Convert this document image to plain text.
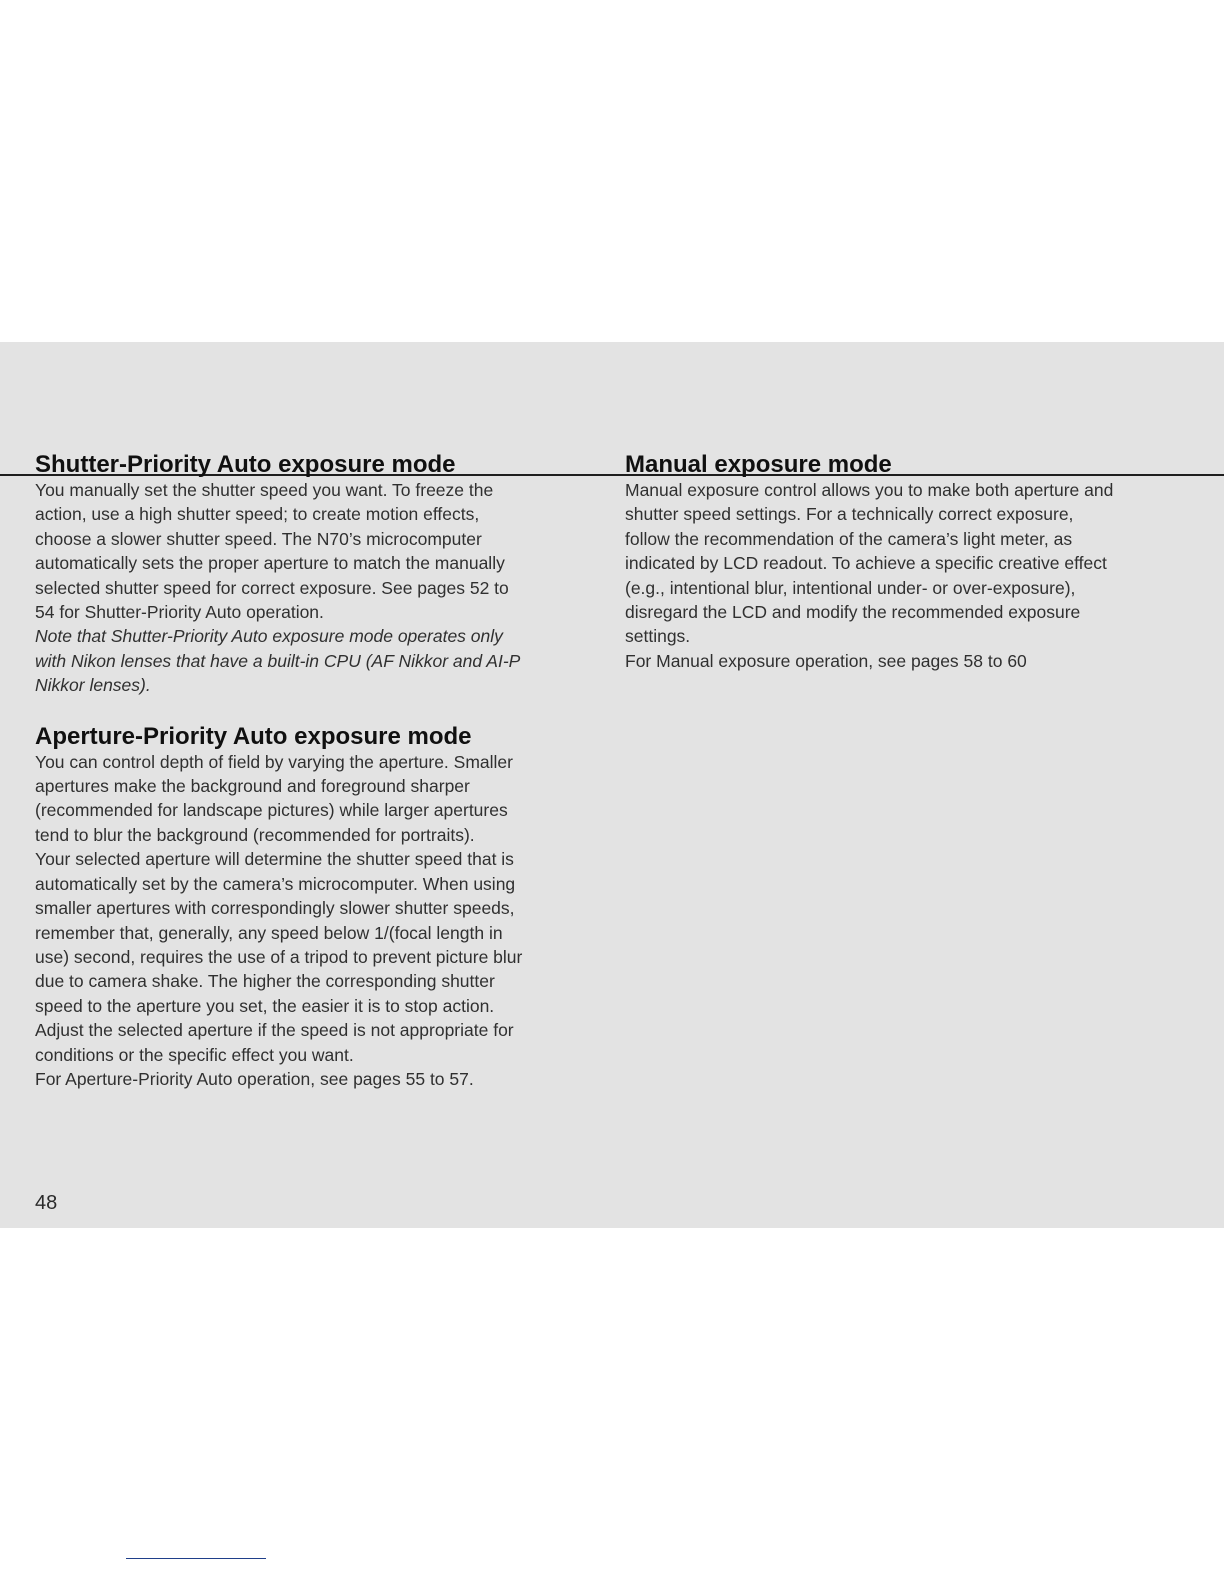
Shutter-Priority Auto exposure mode

You manually set the shutter speed you want. To freeze the
action, use a high shutter speed; to create motion effects,
choose a slower shutter speed. The N70’s microcomputer
automatically sets the proper aperture to match the manually
selected shutter speed for correct exposure. See pages 52 to
54 for Shutter-Priority Auto operation.

Note that Shutter-Priority Auto exposure mode operates only
with Nikon lenses that have a built-in CPU (AF Nikkor and AI-P
Nikkor lenses).

Aperture-Priority Auto exposure mode

You can control depth of field by varying the aperture. Smaller
apertures make the background and foreground sharper
(recommended for landscape pictures) while larger apertures
tend to blur the background (recommended for portraits).
Your selected aperture will determine the shutter speed that is
automatically set by the camera’s microcomputer. When using
smaller apertures with correspondingly slower shutter speeds,
remember that, generally, any speed below 1/(focal length in
use) second, requires the use of a tripod to prevent picture blur
due to camera shake. The higher the corresponding shutter
speed to the aperture you set, the easier it is to stop action.
Adjust the selected aperture if the speed is not appropriate for
conditions or the specific effect you want.
For Aperture-Priority Auto operation, see pages 55 to 57.

Manual exposure mode

Manual exposure control allows you to make both aperture and
shutter speed settings. For a technically correct exposure,
follow the recommendation of the camera’s light meter, as
indicated by LCD readout. To achieve a specific creative effect
(e.g., intentional blur, intentional under- or over-exposure),
disregard the LCD and modify the recommended exposure
settings.
For Manual exposure operation, see pages 58 to 60

48
